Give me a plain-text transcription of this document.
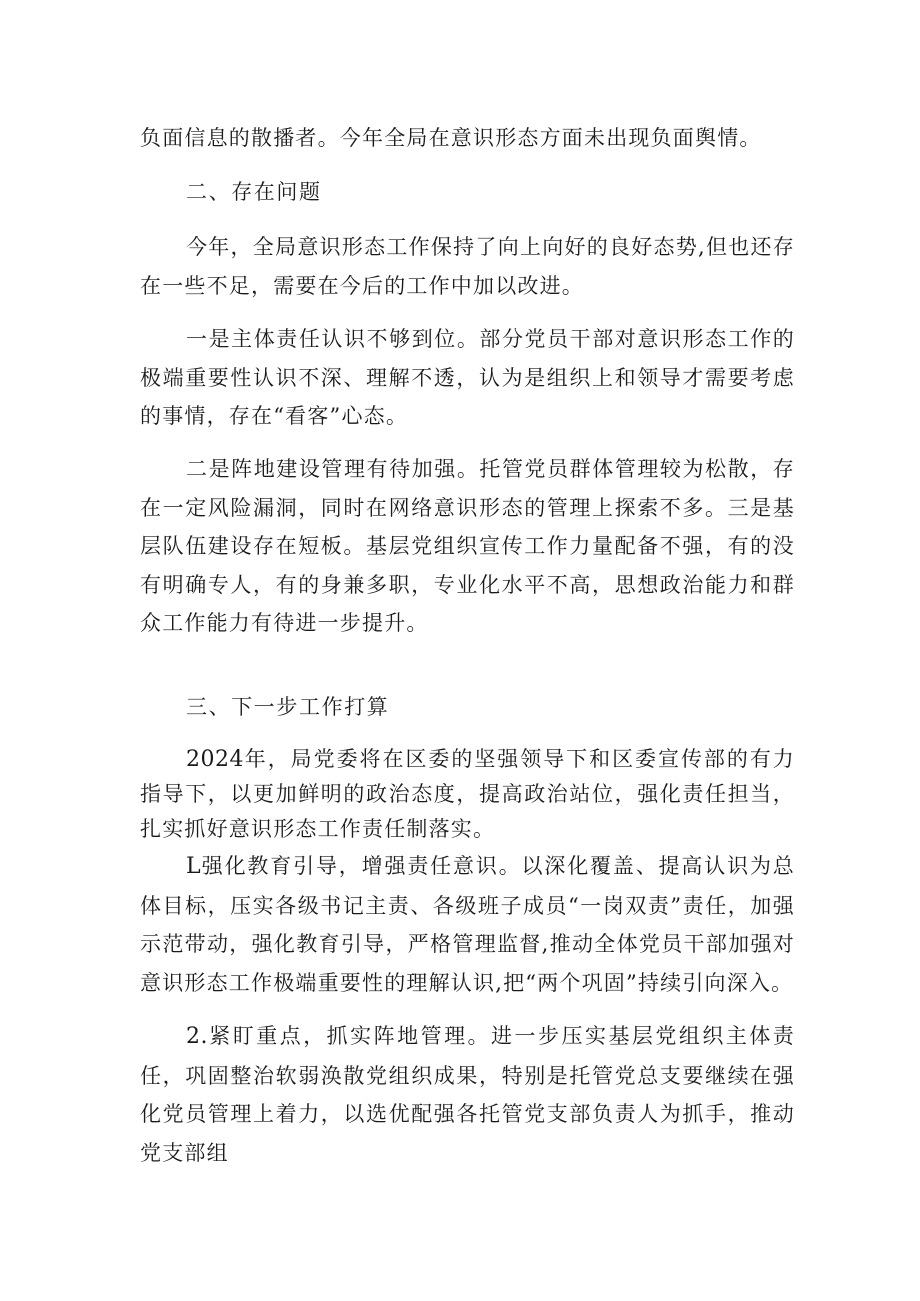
负面信息的散播者。今年全局在意识形态方面未出现负面舆情。

二、存在问题

今年，全局意识形态工作保持了向上向好的良好态势,但也还存在一些不足，需要在今后的工作中加以改进。

一是主体责任认识不够到位。部分党员干部对意识形态工作的极端重要性认识不深、理解不透，认为是组织上和领导才需要考虑的事情，存在“看客”心态。

二是阵地建设管理有待加强。托管党员群体管理较为松散，存在一定风险漏洞，同时在网络意识形态的管理上探索不多。三是基层队伍建设存在短板。基层党组织宣传工作力量配备不强，有的没有明确专人，有的身兼多职，专业化水平不高，思想政治能力和群众工作能力有待进一步提升。

三、下一步工作打算

2024年，局党委将在区委的坚强领导下和区委宣传部的有力指导下，以更加鲜明的政治态度，提高政治站位，强化责任担当，扎实抓好意识形态工作责任制落实。

L强化教育引导，增强责任意识。以深化覆盖、提高认识为总体目标，压实各级书记主责、各级班子成员“一岗双责”责任，加强示范带动，强化教育引导，严格管理监督,推动全体党员干部加强对意识形态工作极端重要性的理解认识,把“两个巩固”持续引向深入。

2.紧盯重点，抓实阵地管理。进一步压实基层党组织主体责任，巩固整治软弱涣散党组织成果，特别是托管党总支要继续在强化党员管理上着力，以选优配强各托管党支部负责人为抓手，推动党支部组
